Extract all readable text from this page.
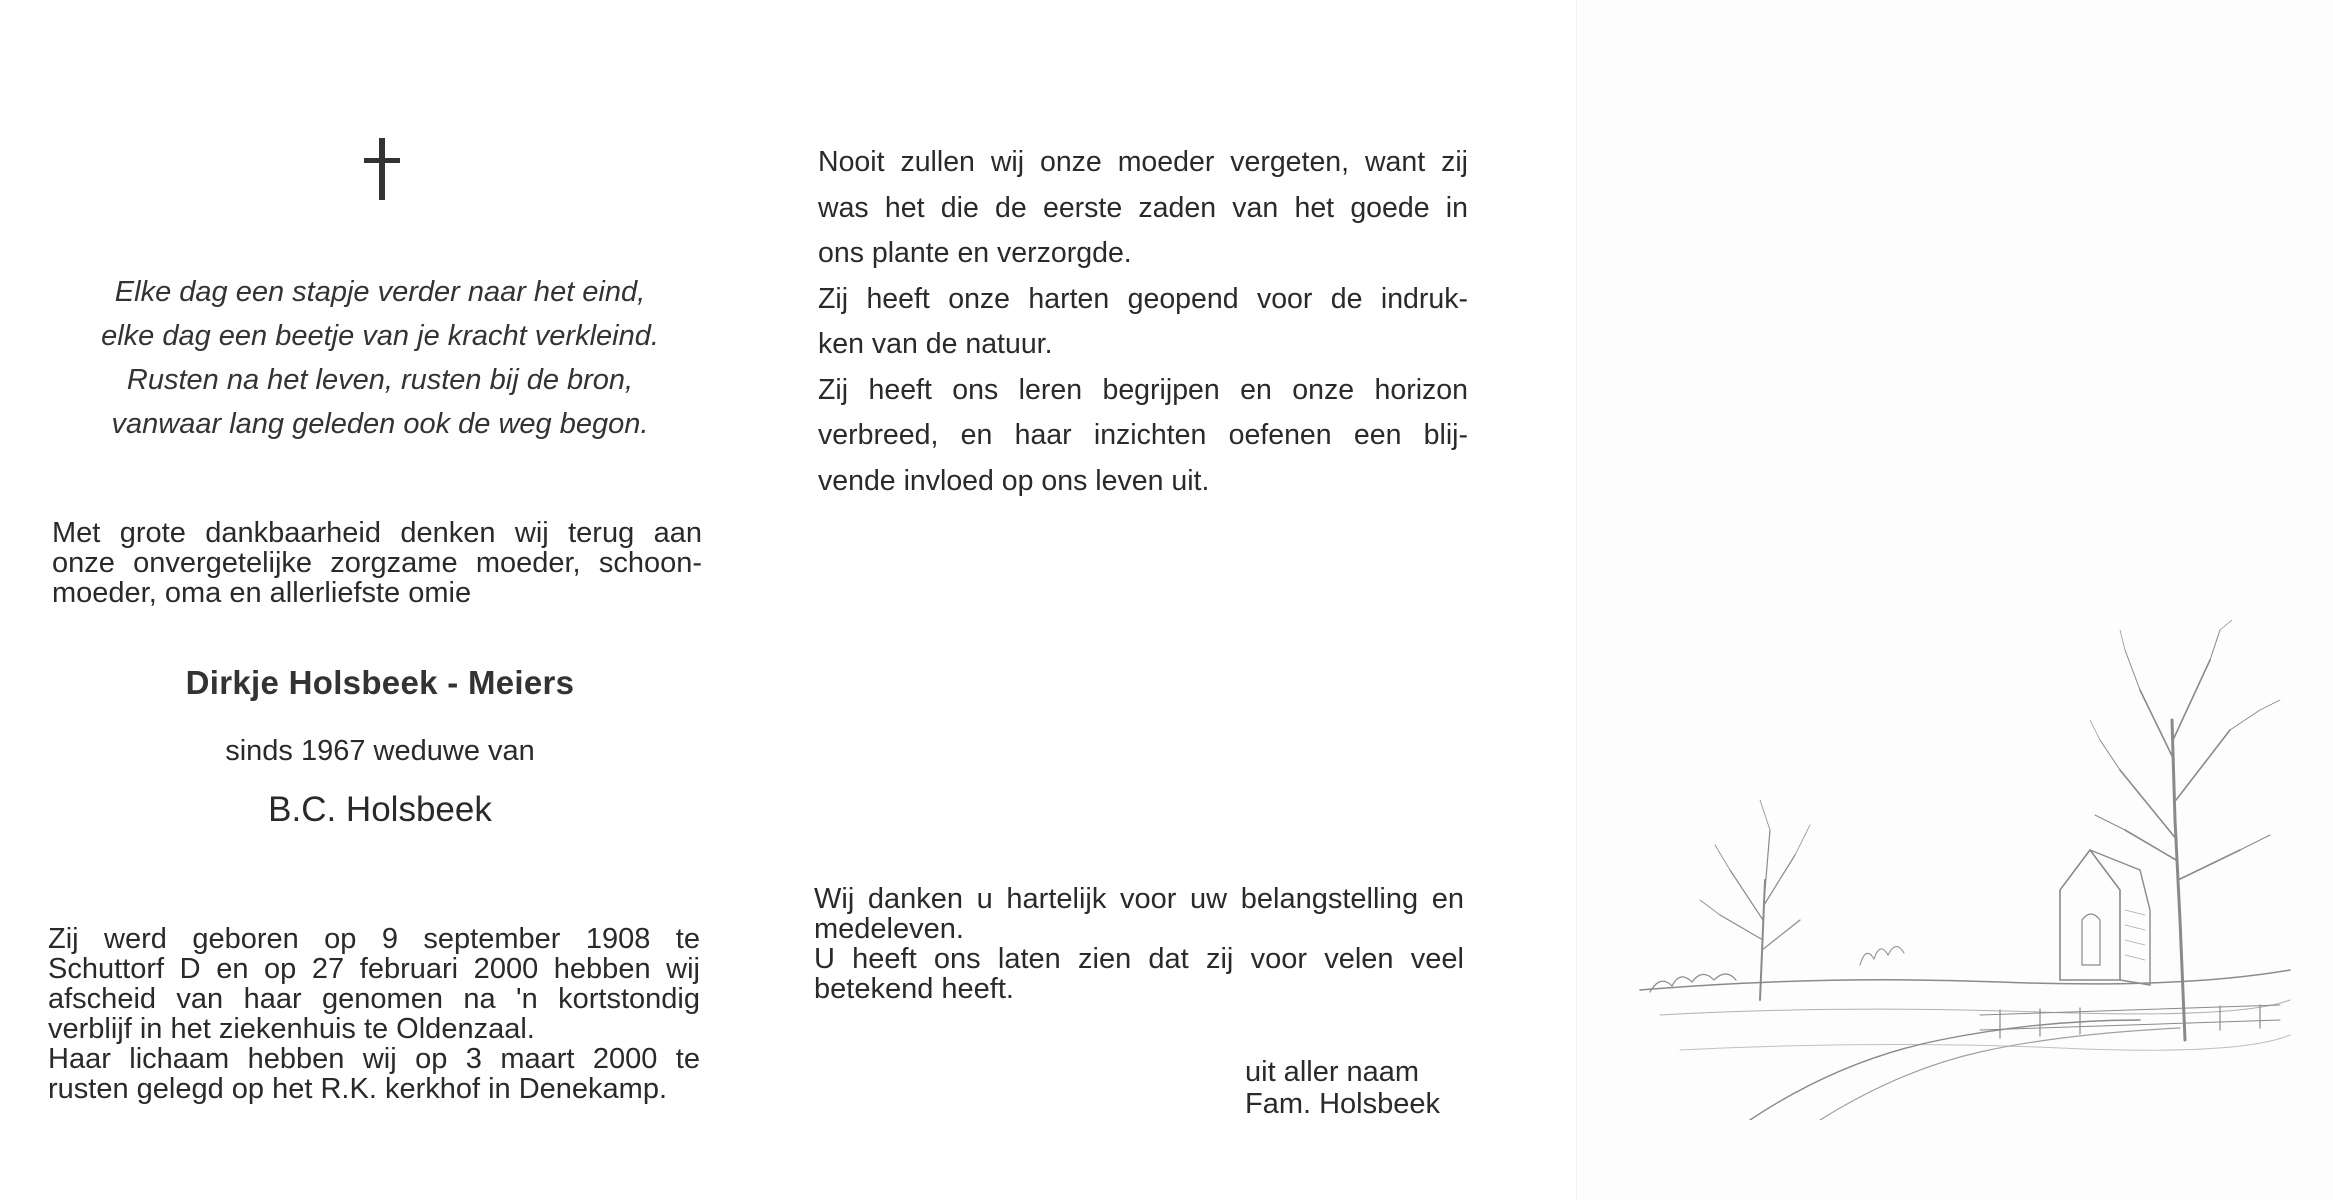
Elke dag een stapje verder naar het eind,
elke dag een beetje van je kracht verkleind.
Rusten na het leven, rusten bij de bron,
vanwaar lang geleden ook de weg begon.
Met grote dankbaarheid denken wij terug aan
onze onvergetelijke zorgzame moeder, schoon-
moeder, oma en allerliefste omie
Dirkje Holsbeek - Meiers
sinds 1967 weduwe van
B.C. Holsbeek
Zij werd geboren op 9 september 1908 te
Schuttorf D en op 27 februari 2000 hebben wij
afscheid van haar genomen na 'n kortstondig
verblijf in het ziekenhuis te Oldenzaal.
Haar lichaam hebben wij op 3 maart 2000 te
rusten gelegd op het R.K. kerkhof in Denekamp.
Nooit zullen wij onze moeder vergeten, want zij
was het die de eerste zaden van het goede in
ons plante en verzorgde.
Zij heeft onze harten geopend voor de indruk-
ken van de natuur.
Zij heeft ons leren begrijpen en onze horizon
verbreed, en haar inzichten oefenen een blij-
vende invloed op ons leven uit.
Wij danken u hartelijk voor uw belangstelling en
medeleven.
U heeft ons laten zien dat zij voor velen veel
betekend heeft.
uit aller naam
Fam. Holsbeek
